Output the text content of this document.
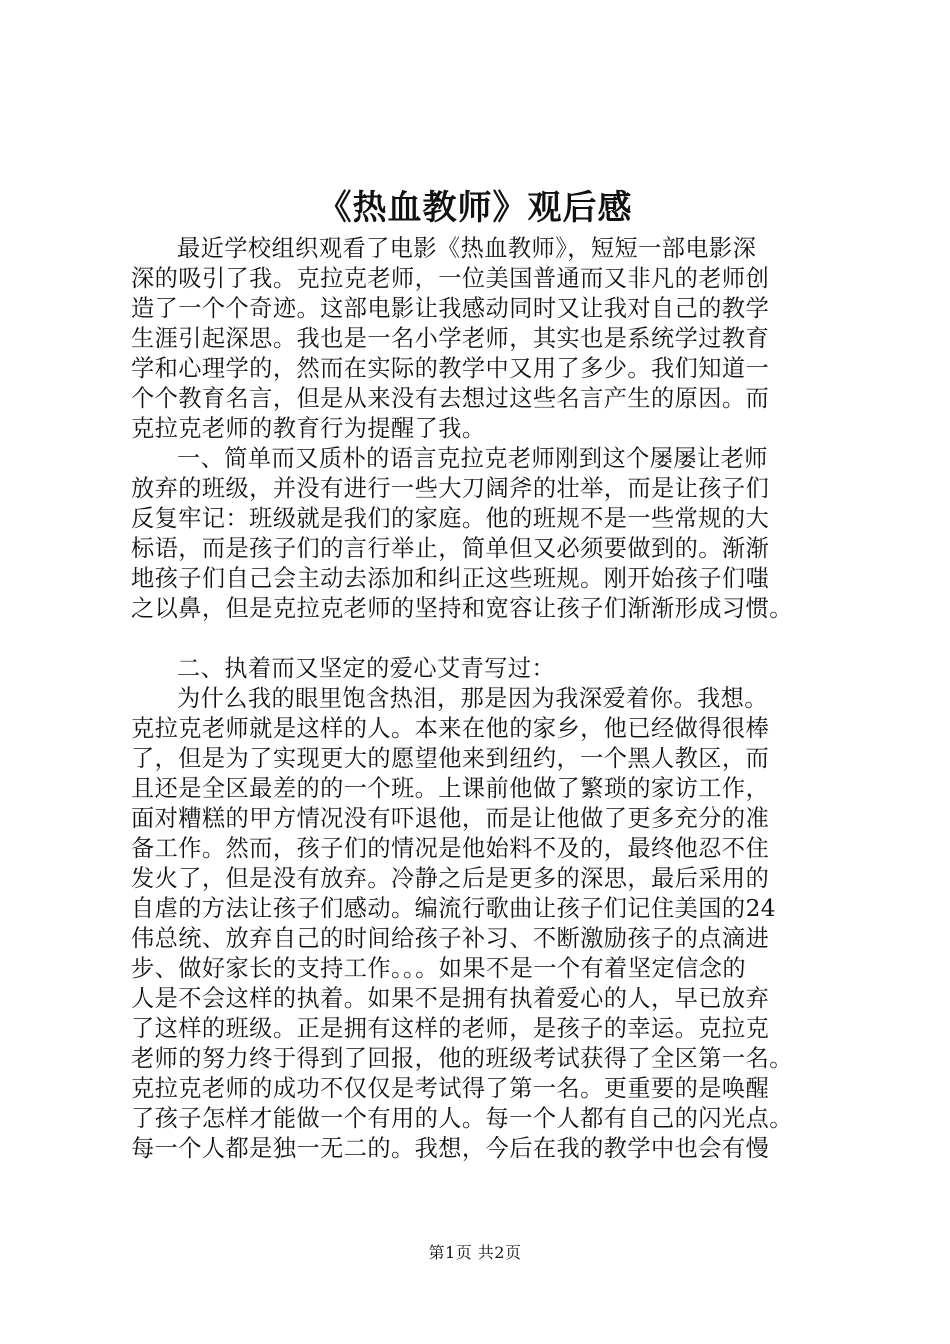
《热血教师》观后感
最近学校组织观看了电影《热血教师》，短短一部电影深
深的吸引了我。克拉克老师，一位美国普通而又非凡的老师创
造了一个个奇迹。这部电影让我感动同时又让我对自己的教学
生涯引起深思。我也是一名小学老师，其实也是系统学过教育
学和心理学的，然而在实际的教学中又用了多少。我们知道一
个个教育名言，但是从来没有去想过这些名言产生的原因。而
克拉克老师的教育行为提醒了我。
一、简单而又质朴的语言克拉克老师刚到这个屡屡让老师
放弃的班级，并没有进行一些大刀阔斧的壮举，而是让孩子们
反复牢记：班级就是我们的家庭。他的班规不是一些常规的大
标语，而是孩子们的言行举止，简单但又必须要做到的。渐渐
地孩子们自己会主动去添加和纠正这些班规。刚开始孩子们嗤
之以鼻，但是克拉克老师的坚持和宽容让孩子们渐渐形成习惯。
二、执着而又坚定的爱心艾青写过：
为什么我的眼里饱含热泪，那是因为我深爱着你。我想。
克拉克老师就是这样的人。本来在他的家乡，他已经做得很棒
了，但是为了实现更大的愿望他来到纽约，一个黑人教区，而
且还是全区最差的的一个班。上课前他做了繁琐的家访工作，
面对糟糕的甲方情况没有吓退他，而是让他做了更多充分的准
备工作。然而，孩子们的情况是他始料不及的，最终他忍不住
发火了，但是没有放弃。冷静之后是更多的深思，最后采用的
自虐的方法让孩子们感动。编流行歌曲让孩子们记住美国的24
伟总统、放弃自己的时间给孩子补习、不断激励孩子的点滴进
步、做好家长的支持工作。。。如果不是一个有着坚定信念的
人是不会这样的执着。如果不是拥有执着爱心的人，早已放弃
了这样的班级。正是拥有这样的老师，是孩子的幸运。克拉克
老师的努力终于得到了回报，他的班级考试获得了全区第一名。
克拉克老师的成功不仅仅是考试得了第一名。更重要的是唤醒
了孩子怎样才能做一个有用的人。每一个人都有自己的闪光点。
每一个人都是独一无二的。我想，今后在我的教学中也会有慢
第1页 共2页
